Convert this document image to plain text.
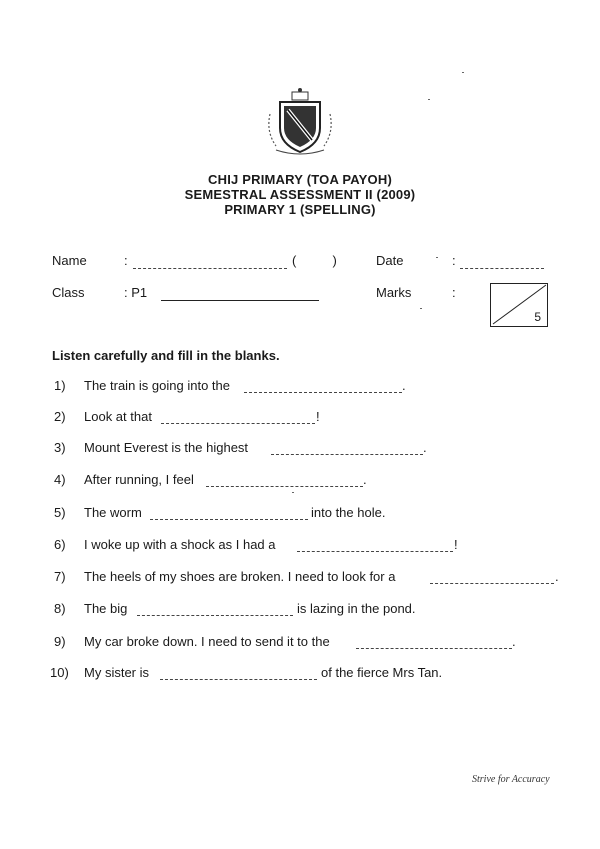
CHIJ PRIMARY (TOA PAYOH)
SEMESTRAL ASSESSMENT II (2009)
PRIMARY 1 (SPELLING)
Name	:	(          )	Date	:
Class	: P1	Marks	:
5
Listen carefully and fill in the blanks.
1) The train is going into the	.
2) Look at that	!
3) Mount Everest is the highest	.
4) After running, I feel	.
5) The worm	into the hole.
6) I woke up with a shock as I had a	!
7) The heels of my shoes are broken. I need to look for a	.
8) The big	is lazing in the pond.
9) My car broke down. I need to send it to the	.
10) My sister is	of the fierce Mrs Tan.
Strive for Accuracy
